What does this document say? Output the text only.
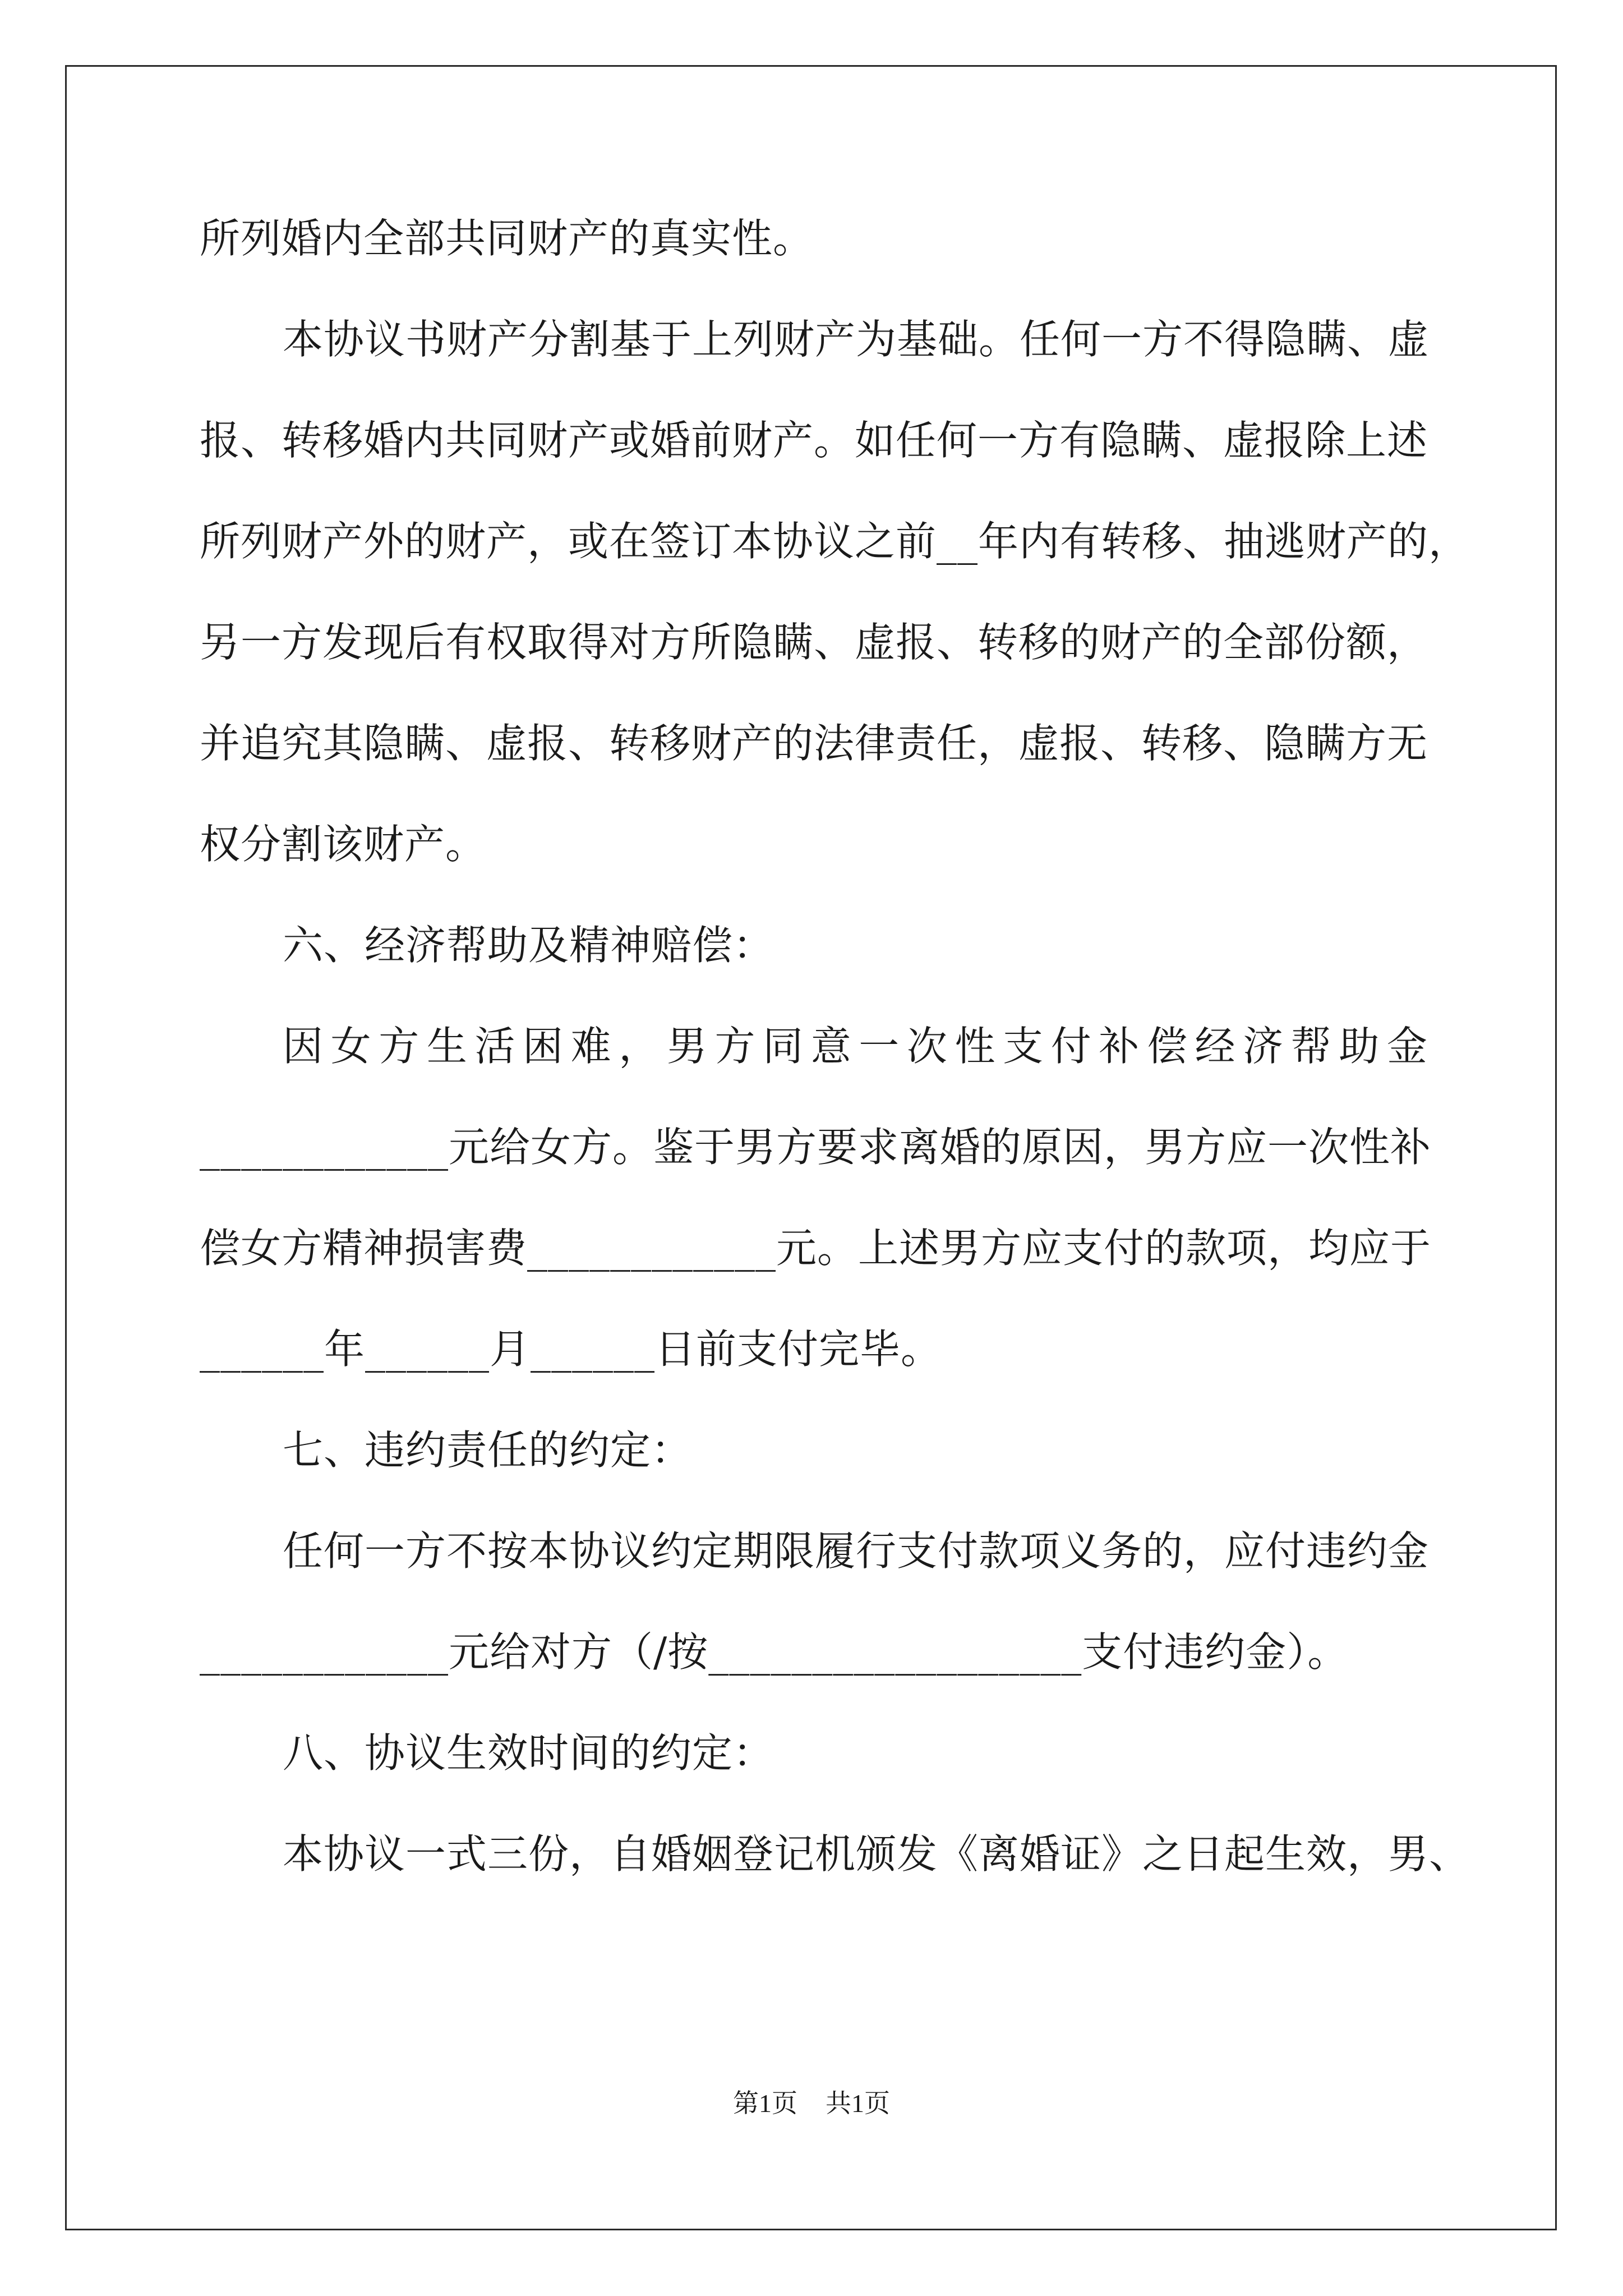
所列婚内全部共同财产的真实性。
本协议书财产分割基于上列财产为基础。任何一方不得隐瞒、虚
报、转移婚内共同财产或婚前财产。如任何一方有隐瞒、虚报除上述
所列财产外的财产，或在签订本协议之前__年内有转移、抽逃财产的，
另一方发现后有权取得对方所隐瞒、虚报、转移的财产的全部份额，
并追究其隐瞒、虚报、转移财产的法律责任，虚报、转移、隐瞒方无
权分割该财产。
六、经济帮助及精神赔偿：
因女方生活困难，男方同意一次性支付补偿经济帮助金
____________元给女方。鉴于男方要求离婚的原因，男方应一次性补
偿女方精神损害费____________元。上述男方应支付的款项，均应于
______年______月______日前支付完毕。
七、违约责任的约定：
任何一方不按本协议约定期限履行支付款项义务的，应付违约金
____________元给对方（/按__________________支付违约金）。
八、协议生效时间的约定：
本协议一式三份，自婚姻登记机颁发《离婚证》之日起生效，男、
第1页 共1页
